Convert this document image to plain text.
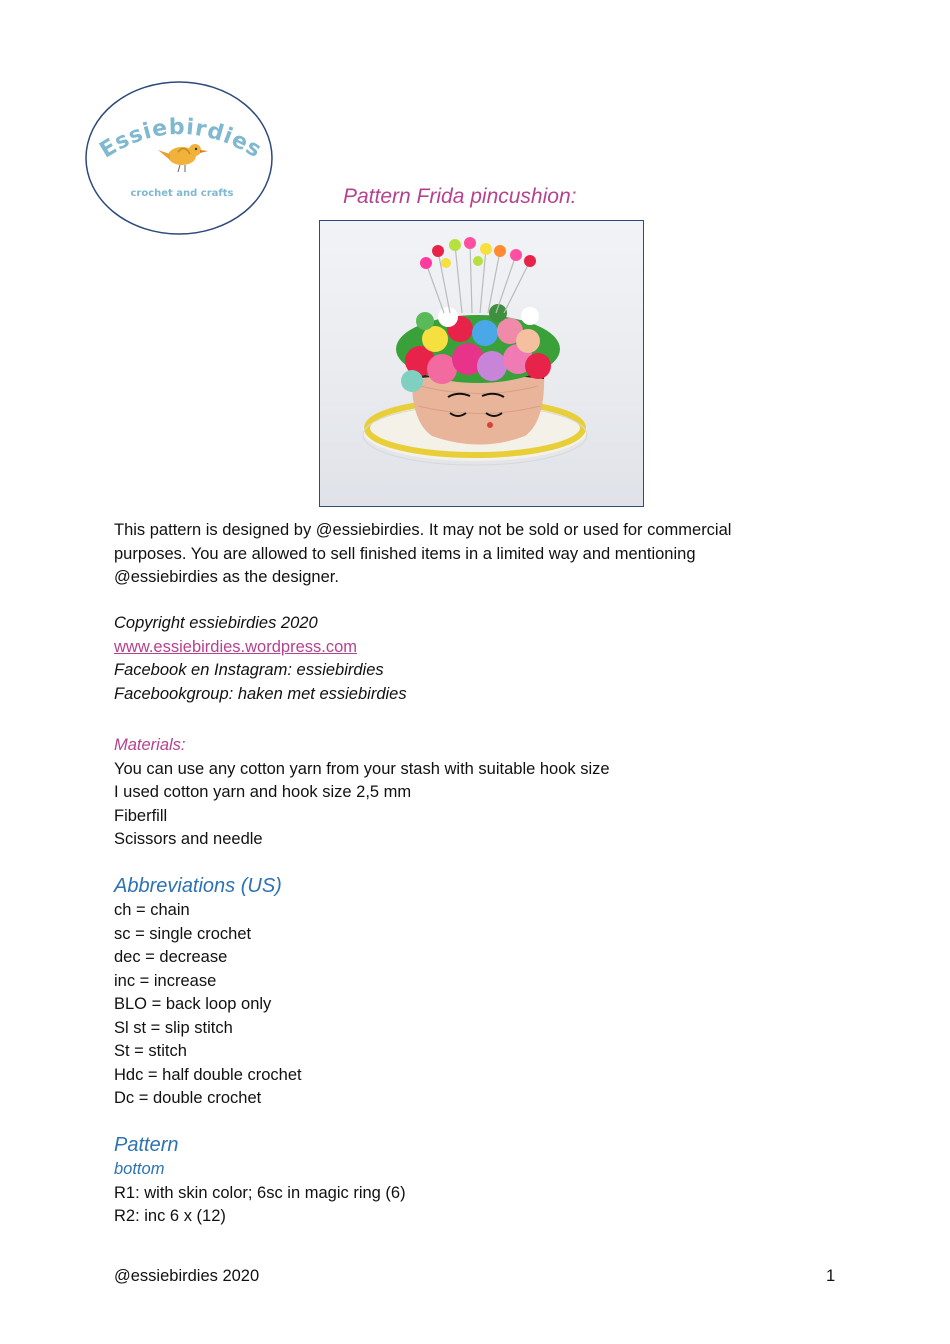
Essiebirdies
crochet and crafts	Pattern Frida pincushion:
This pattern is designed by @essiebirdies. It may not be sold or used for commercial
purposes. You are allowed to sell finished items in a limited way and mentioning
@essiebirdies as the designer.
Copyright essiebirdies 2020
www.essiebirdies.wordpress.com
Facebook en Instagram: essiebirdies
Facebookgroup: haken met essiebirdies
Materials:
You can use any cotton yarn from your stash with suitable hook size
I used cotton yarn and hook size 2,5 mm
Fiberfill
Scissors and needle
Abbreviations (US)
ch = chain
sc = single crochet
dec = decrease
inc = increase
BLO = back loop only
Sl st = slip stitch
St = stitch
Hdc = half double crochet
Dc = double crochet
Pattern
bottom
R1: with skin color; 6sc in magic ring (6)
R2: inc 6 x (12)
@essiebirdies 2020	1
